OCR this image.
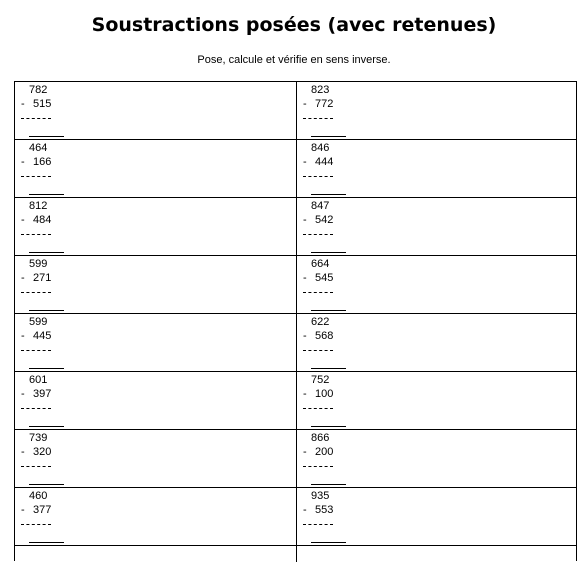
Soustractions posées (avec retenues)
Pose, calcule et vérifie en sens inverse.
782
- 515
823
- 772
464
- 166
846
- 444
812
- 484
847
- 542
599
- 271
664
- 545
599
- 445
622
- 568
601
- 397
752
- 100
739
- 320
866
- 200
460
- 377
935
- 553
